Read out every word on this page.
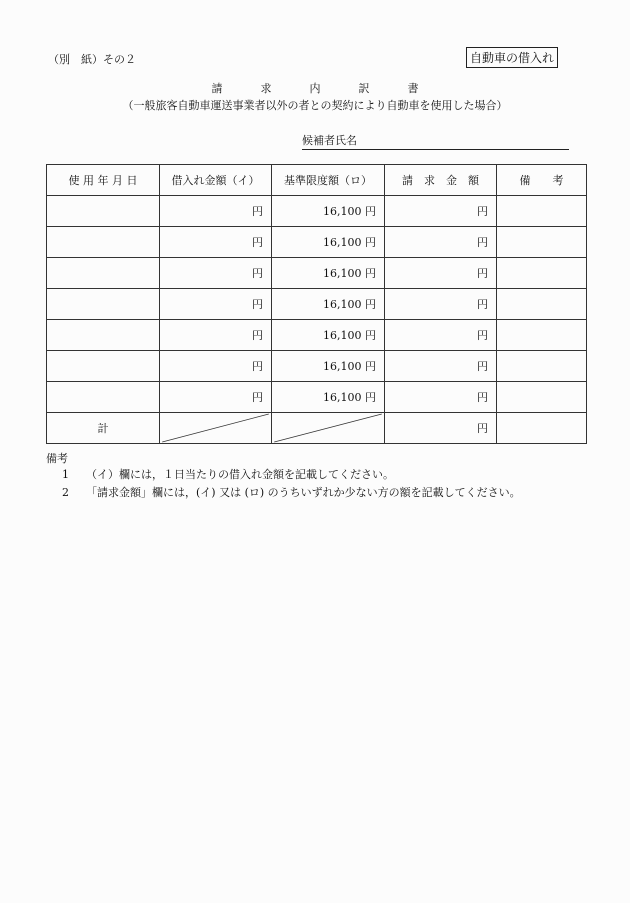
（別　紙）その２	自動車の借入れ
請求内訳書
（一般旅客自動車運送事業者以外の者との契約により自動車を使用した場合）
候補者氏名
使 用 年 月 日	借入れ金額（イ）	基準限度額（ロ）	請　求　金　額	備　　考
	円	16,100 円	円	
	円	16,100 円	円	
	円	16,100 円	円	
	円	16,100 円	円	
	円	16,100 円	円	
	円	16,100 円	円	
	円	16,100 円	円	
計			円	
備考
1 （イ）欄には，１日当たりの借入れ金額を記載してください。
2 「請求金額」欄には，(イ) 又は (ロ) のうちいずれか少ない方の額を記載してください。
